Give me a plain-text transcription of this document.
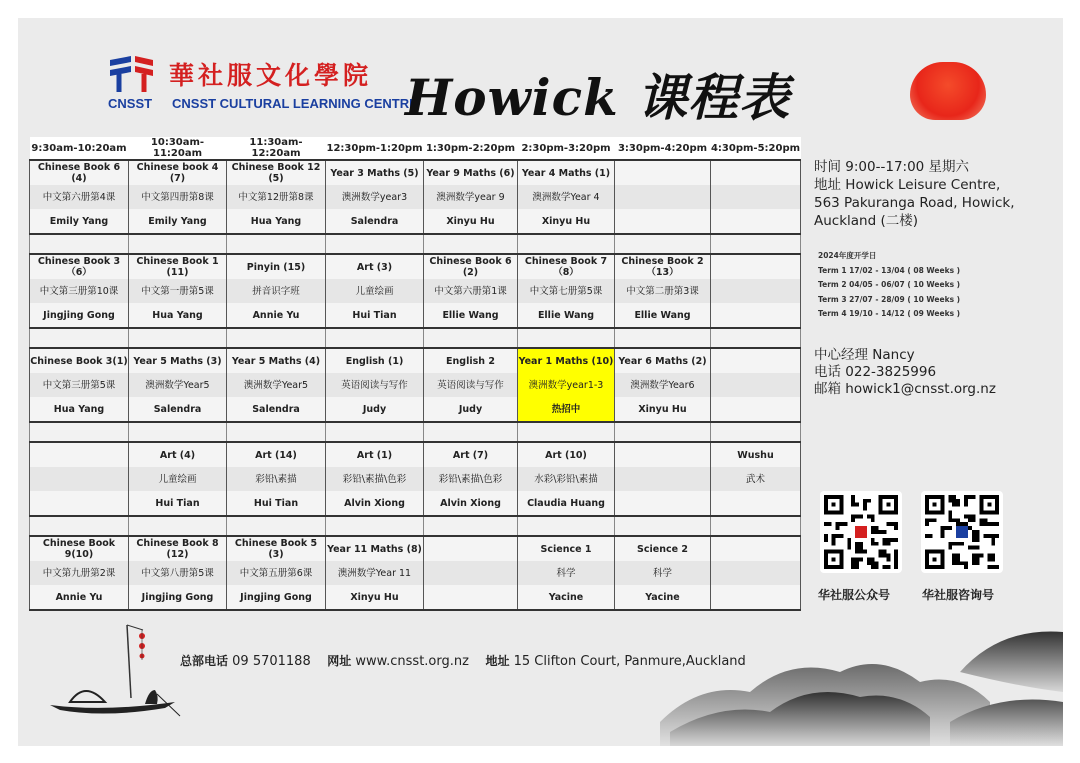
CNSST
華社服文化學院
CNSST CULTURAL LEARNING CENTRE
Howick 课程表
9:30am-10:20am	10:30am-11:20am	11:30am-12:20am	12:30pm-1:20pm	1:30pm-2:20pm	2:30pm-3:20pm	3:30pm-4:20pm	4:30pm-5:20pm
Chinese Book 6 (4)	Chinese book 4 (7)	Chinese Book 12 (5)	Year 3 Maths (5)	Year 9 Maths (6)	Year 4 Maths (1)		
中文第六册第4课	中文第四册第8课	中文第12册第8课	澳洲数学year3	澳洲数学year 9	澳洲数学Year 4		
Emily Yang	Emily Yang	Hua Yang	Salendra	Xinyu Hu	Xinyu Hu		

Chinese Book 3（6）	Chinese Book 1 (11)	Pinyin (15)	Art (3)	Chinese Book 6 (2)	Chinese Book 7 （8）	Chinese Book 2（13）	
中文第三册第10课	中文第一册第5课	拼音识字班	儿童绘画	中文第六册第1课	中文第七册第5课	中文第二册第3课	
Jingjing Gong	Hua Yang	Annie Yu	Hui Tian	Ellie Wang	Ellie Wang	Ellie Wang	

Chinese Book 3(1)	Year 5 Maths (3)	Year 5 Maths (4)	English (1)	English 2	Year 1 Maths (10)	Year 6 Maths (2)	
中文第三册第5课	澳洲数学Year5	澳洲数学Year5	英语阅读与写作	英语阅读与写作	澳洲数学year1-3	澳洲数学Year6	
Hua Yang	Salendra	Salendra	Judy	Judy	热招中	Xinyu Hu	

	Art (4)	Art (14)	Art (1)	Art (7)	Art (10)		Wushu
	儿童绘画	彩铅\素描	彩铅\素描\色彩	彩铅\素描\色彩	水彩\彩铅\素描		武术
	Hui Tian	Hui Tian	Alvin Xiong	Alvin Xiong	Claudia Huang		

Chinese Book 9(10)	Chinese Book 8 (12)	Chinese Book 5 (3)	Year 11 Maths (8)		Science 1	Science 2	
中文第九册第2课	中文第八册第5课	中文第五册第6课	澳洲数学Year 11		科学	科学	
Annie Yu	Jingjing Gong	Jingjing Gong	Xinyu Hu		Yacine	Yacine	
时间 9:00--17:00 星期六
地址 Howick Leisure Centre,
563 Pakuranga Road, Howick,
Auckland (二楼)
2024年度开学日
Term 1 17/02 - 13/04 ( 08 Weeks )
Term 2 04/05 - 06/07 ( 10 Weeks )
Term 3 27/07 - 28/09 ( 10 Weeks )
Term 4 19/10 - 14/12 ( 09 Weeks )
中心经理 Nancy
电话 022-3825996
邮箱 howick1@cnsst.org.nz
华社服公众号	华社服咨询号
总部电话 09 5701188 网址 www.cnsst.org.nz 地址 15 Clifton Court, Panmure,Auckland
